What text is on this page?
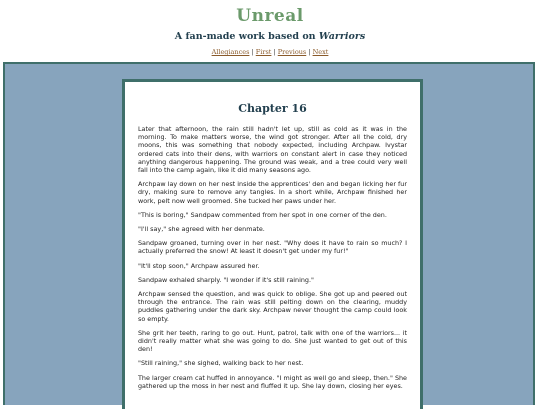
Unreal
A fan-made work based on Warriors
Allegiances | First | Previous | Next
Chapter 16

Later that afternoon, the rain still hadn't let up, still as cold as it was in the morning. To make matters worse, the wind got stronger. After all the cold, dry moons, this was something that nobody expected, including Archpaw. Ivystar ordered cats into their dens, with warriors on constant alert in case they noticed anything dangerous happening. The ground was weak, and a tree could very well fall into the camp again, like it did many seasons ago.

Archpaw lay down on her nest inside the apprentices' den and began licking her fur dry, making sure to remove any tangles. In a short while, Archpaw finished her work, pelt now well groomed. She tucked her paws under her.

"This is boring," Sandpaw commented from her spot in one corner of the den.

"I'll say," she agreed with her denmate.

Sandpaw groaned, turning over in her nest. "Why does it have to rain so much? I actually preferred the snow! At least it doesn't get under my fur!"

"It'll stop soon," Archpaw assured her.

Sandpaw exhaled sharply. "I wonder if it's still raining."

Archpaw sensed the question, and was quick to oblige. She got up and peered out through the entrance. The rain was still pelting down on the clearing, muddy puddles gathering under the dark sky. Archpaw never thought the camp could look so empty.

She grit her teeth, raring to go out. Hunt, patrol, talk with one of the warriors... it didn't really matter what she was going to do. She just wanted to get out of this den!

"Still raining," she sighed, walking back to her nest.

The larger cream cat huffed in annoyance. "I might as well go and sleep, then." She gathered up the moss in her nest and fluffed it up. She lay down, closing her eyes.
